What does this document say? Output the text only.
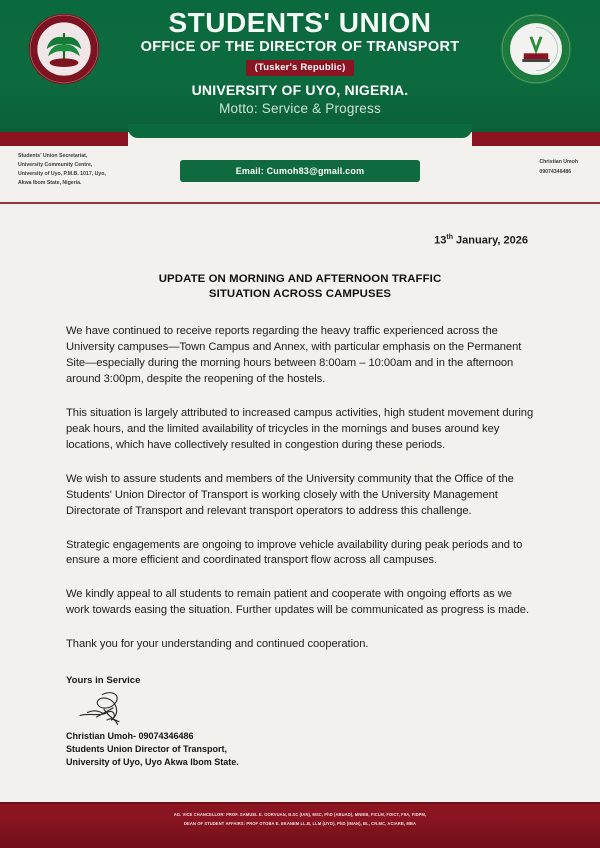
STUDENTS' UNION
OFFICE OF THE DIRECTOR OF TRANSPORT
(Tusker's Republic)
UNIVERSITY OF UYO, NIGERIA.
Motto: Service & Progress
Students' Union Secretariat,
University Community Centre,
University of Uyo, P.M.B. 1017, Uyo,
Akwa Ibom State, Nigeria.
Email: Cumoh83@gmail.com
Christian Umoh
09074346486
13th January, 2026
UPDATE ON MORNING AND AFTERNOON TRAFFIC
SITUATION ACROSS CAMPUSES

We have continued to receive reports regarding the heavy traffic experienced across the University campuses—Town Campus and Annex, with particular emphasis on the Permanent Site—especially during the morning hours between 8:00am – 10:00am and in the afternoon around 3:00pm, despite the reopening of the hostels.

This situation is largely attributed to increased campus activities, high student movement during peak hours, and the limited availability of tricycles in the mornings and buses around key locations, which have collectively resulted in congestion during these periods.

We wish to assure students and members of the University community that the Office of the Students' Union Director of Transport is working closely with the University Management Directorate of Transport and relevant transport operators to address this challenge.

Strategic engagements are ongoing to improve vehicle availability during peak periods and to ensure a more efficient and coordinated transport flow across all campuses.

We kindly appeal to all students to remain patient and cooperate with ongoing efforts as we work towards easing the situation. Further updates will be communicated as progress is made.

Thank you for your understanding and continued cooperation.

Yours in Service
Christian Umoh- 09074346486
Students Union Director of Transport,
University of Uyo, Uyo Akwa Ibom State.
AG. VICE CHANCELLOR: PROF. SAMUEL E. OORVUAN, B.SC (IAN), MSC, PhD (ABUAD), MNIEB, FICLM, FOICT, FIIA, FIDPM,
DEAN OF STUDENT AFFAIRS: PROF OTOBA E. EKANEM LL.B, LLM (UYO), PhD (IMAN), BL, CR.MC, ACIARB, MBA
